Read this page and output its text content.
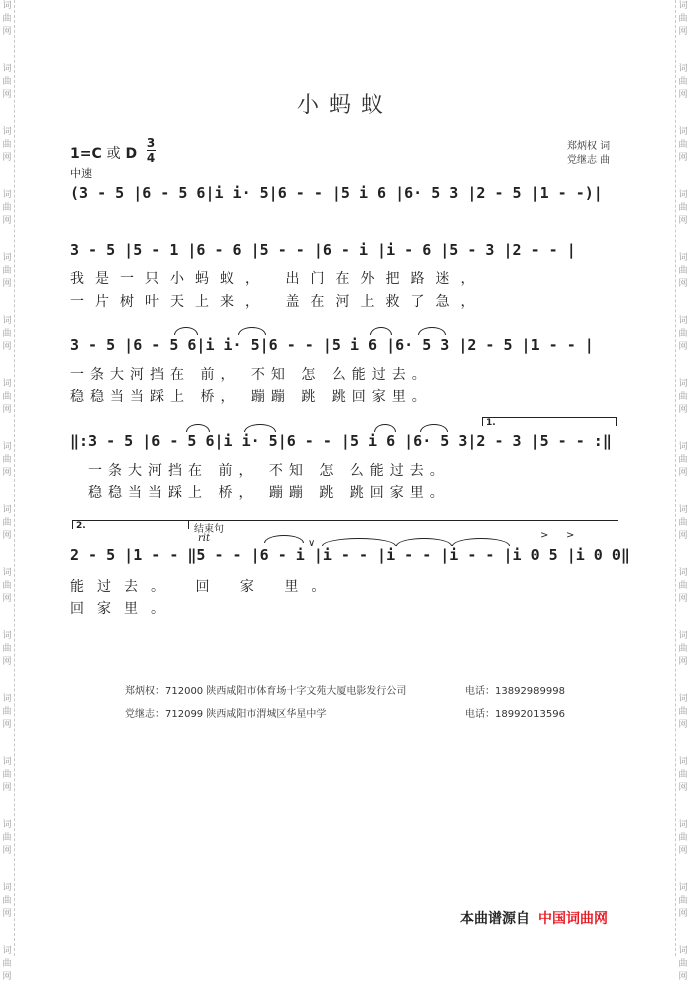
词曲网
词曲网
词曲网
词曲网
词曲网
词曲网
词曲网
词曲网
词曲网
词曲网
词曲网
词曲网
词曲网
词曲网
词曲网
词曲网
词曲网
词曲网
词曲网
词曲网
词曲网
词曲网
词曲网
词曲网
词曲网
词曲网
词曲网
词曲网
词曲网
词曲网
词曲网
词曲网
小蚂蚁
1=C 或 D
3
4
中速
郑炳权 词
党继志 曲
(3 - 5 |6 - 5 6|i i· 5|6 - - |5 i 6 |6· 5 3 |2 - 5 |1 - -)|
3 - 5 |5 - 1 |6 - 6 |5 - - |6 - i |i - 6 |5 - 3 |2 - - |
我是一只小蚂蚁， 出门在外把路迷，
一片树叶天上来， 盖在河上救了急，
3 - 5 |6 - 5 6|i i· 5|6 - - |5 i 6 |6· 5 3 |2 - 5 |1 - - |
一条大河挡在 前， 不知 怎 么能过去。
稳稳当当踩上 桥， 蹦蹦 跳 跳回家里。
1.
‖:3 - 5 |6 - 5 6|i i· 5|6 - - |5 i 6 |6· 5 3|2 - 3 |5 - - :‖
一条大河挡在 前， 不知 怎 么能过去。
稳稳当当踩上 桥， 蹦蹦 跳 跳回家里。
2.	结束句
rit	∨
> >
2 - 5 |1 - - ‖5 - - |6 - i |i - - |i - - |i - - |i 0 5 |i 0 0‖
能过去。 回 家 里。
回家里。
郑炳权：712000 陕西咸阳市体育场十字文苑大厦电影发行公司	电话：13892989998
党继志：712099 陕西咸阳市渭城区华星中学	电话：18992013596
本曲谱源自 中国词曲网
